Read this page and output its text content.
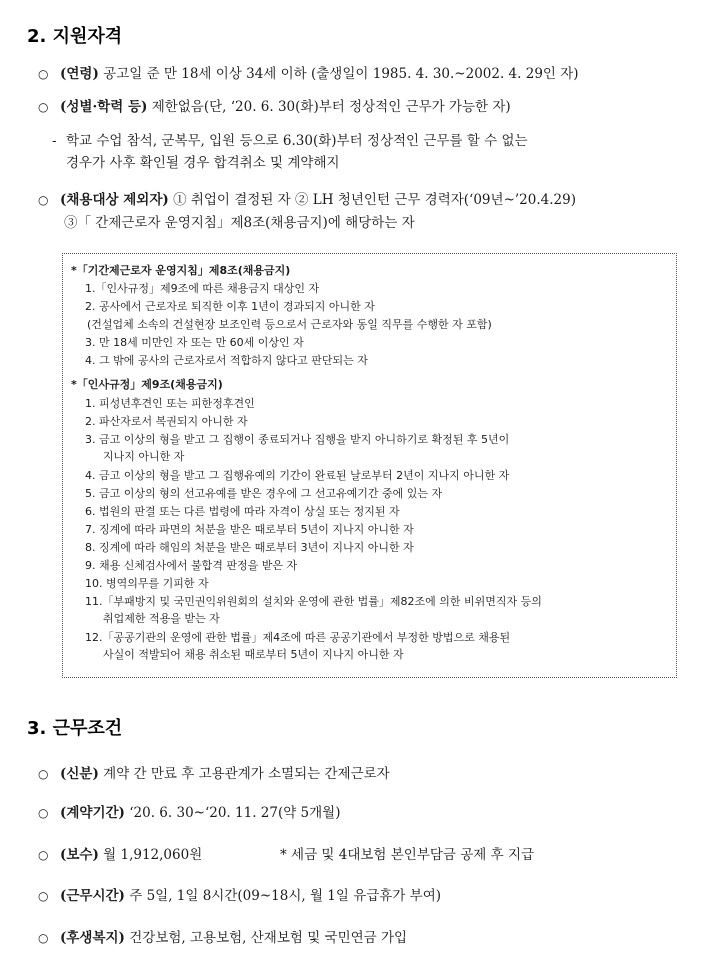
2. 지원자격
○ (연령) 공고일 준 만 18세 이상 34세 이하 (출생일이 1985. 4. 30.~2002. 4. 29인 자)
○ (성별·학력 등) 제한없음(단, ‘20. 6. 30(화)부터 정상적인 근무가 가능한 자)
- 학교 수업 참석, 군복무, 입원 등으로 6.30(화)부터 정상적인 근무를 할 수 없는
경우가 사후 확인될 경우 합격취소 및 계약해지
○ (채용대상 제외자) ① 취업이 결정된 자 ② LH 청년인턴 근무 경력자(‘09년~’20.4.29)
③「 간제근로자 운영지침」제8조(채용금지)에 해당하는 자
*「기간제근로자 운영지침」제8조(채용금지)
1.「인사규정」제9조에 따른 채용금지 대상인 자
2. 공사에서 근로자로 퇴직한 이후 1년이 경과되지 아니한 자
(건설업체 소속의 건설현장 보조인력 등으로서 근로자와 동일 직무를 수행한 자 포함)
3. 만 18세 미만인 자 또는 만 60세 이상인 자
4. 그 밖에 공사의 근로자로서 적합하지 않다고 판단되는 자
*「인사규정」제9조(채용금지)
1. 피성년후견인 또는 피한정후견인
2. 파산자로서 복권되지 아니한 자
3. 금고 이상의 형을 받고 그 집행이 종료되거나 집행을 받지 아니하기로 확정된 후 5년이
지나지 아니한 자
4. 금고 이상의 형을 받고 그 집행유예의 기간이 완료된 날로부터 2년이 지나지 아니한 자
5. 금고 이상의 형의 선고유예를 받은 경우에 그 선고유예기간 중에 있는 자
6. 법원의 판결 또는 다른 법령에 따라 자격이 상실 또는 정지된 자
7. 징계에 따라 파면의 처분을 받은 때로부터 5년이 지나지 아니한 자
8. 징계에 따라 해임의 처분을 받은 때로부터 3년이 지나지 아니한 자
9. 채용 신체검사에서 불합격 판정을 받은 자
10. 병역의무를 기피한 자
11.「부패방지 및 국민권익위원회의 설치와 운영에 관한 법률」제82조에 의한 비위면직자 등의
취업제한 적용을 받는 자
12.「공공기관의 운영에 관한 법률」제4조에 따른 공공기관에서 부정한 방법으로 채용된
사실이 적발되어 채용 취소된 때로부터 5년이 지나지 아니한 자
3. 근무조건
○ (신분) 계약 간 만료 후 고용관계가 소멸되는 간제근로자
○ (계약기간) ‘20. 6. 30~‘20. 11. 27(약 5개월)
○ (보수) 월 1,912,060원	* 세금 및 4대보험 본인부담금 공제 후 지급
○ (근무시간) 주 5일, 1일 8시간(09~18시, 월 1일 유급휴가 부여)
○ (후생복지) 건강보험, 고용보험, 산재보험 및 국민연금 가입
